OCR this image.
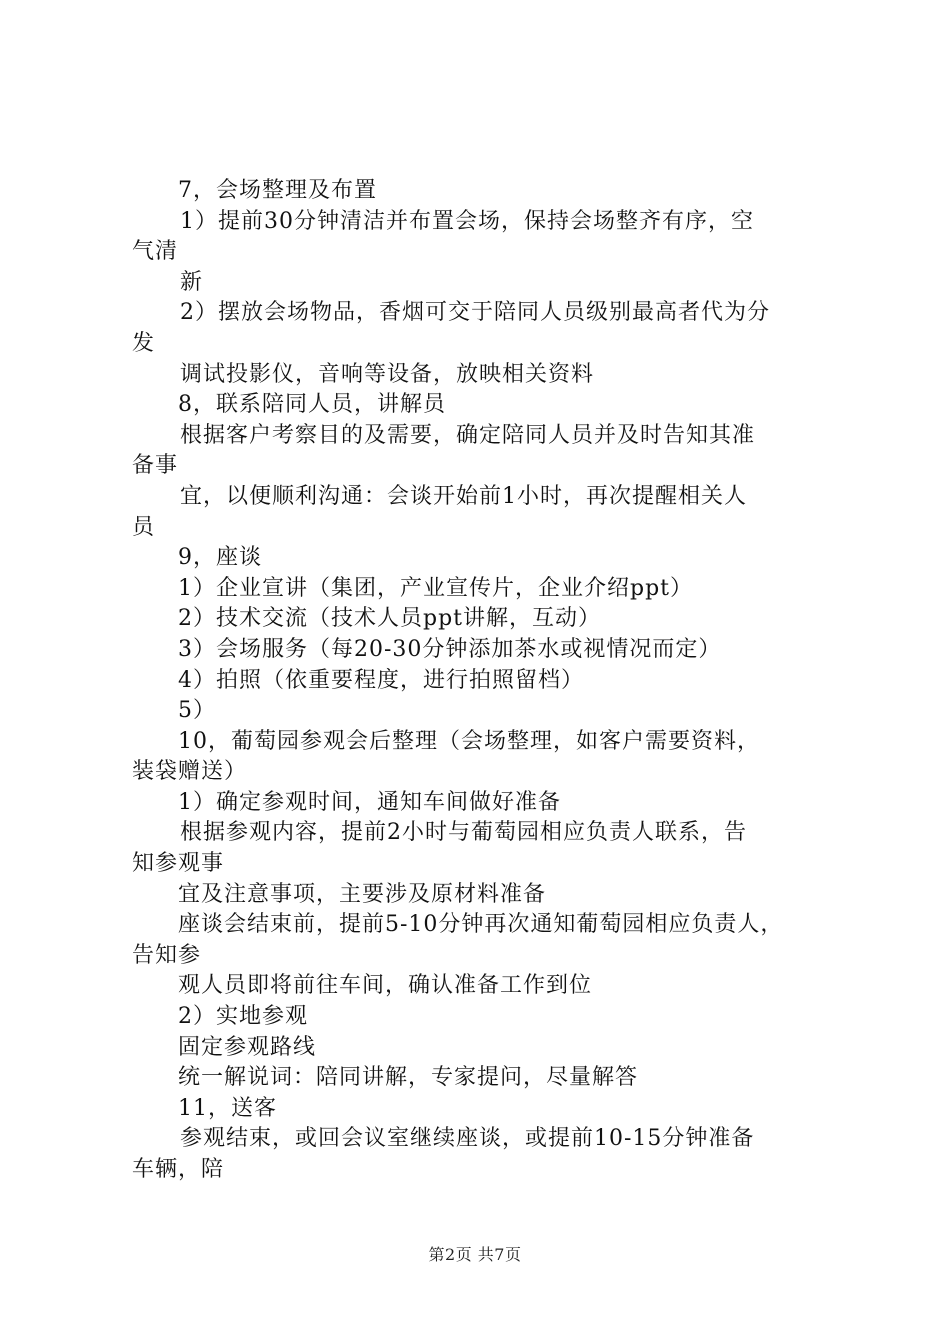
7，会场整理及布置
1）提前30分钟清洁并布置会场，保持会场整齐有序，空
气清
新
2）摆放会场物品，香烟可交于陪同人员级别最高者代为分
发
调试投影仪，音响等设备，放映相关资料
8，联系陪同人员，讲解员
根据客户考察目的及需要，确定陪同人员并及时告知其准
备事
宜，以便顺利沟通：会谈开始前1小时，再次提醒相关人
员
9，座谈
1）企业宣讲（集团，产业宣传片，企业介绍ppt）
2）技术交流（技术人员ppt讲解，互动）
3）会场服务（每20-30分钟添加茶水或视情况而定）
4）拍照（依重要程度，进行拍照留档）
5）
10，葡萄园参观会后整理（会场整理，如客户需要资料，
装袋赠送）
1）确定参观时间，通知车间做好准备
根据参观内容，提前2小时与葡萄园相应负责人联系，告
知参观事
宜及注意事项，主要涉及原材料准备
座谈会结束前，提前5-10分钟再次通知葡萄园相应负责人，
告知参
观人员即将前往车间，确认准备工作到位
2）实地参观
固定参观路线
统一解说词：陪同讲解，专家提问，尽量解答
11，送客
参观结束，或回会议室继续座谈，或提前10-15分钟准备
车辆，陪
第2页 共7页
